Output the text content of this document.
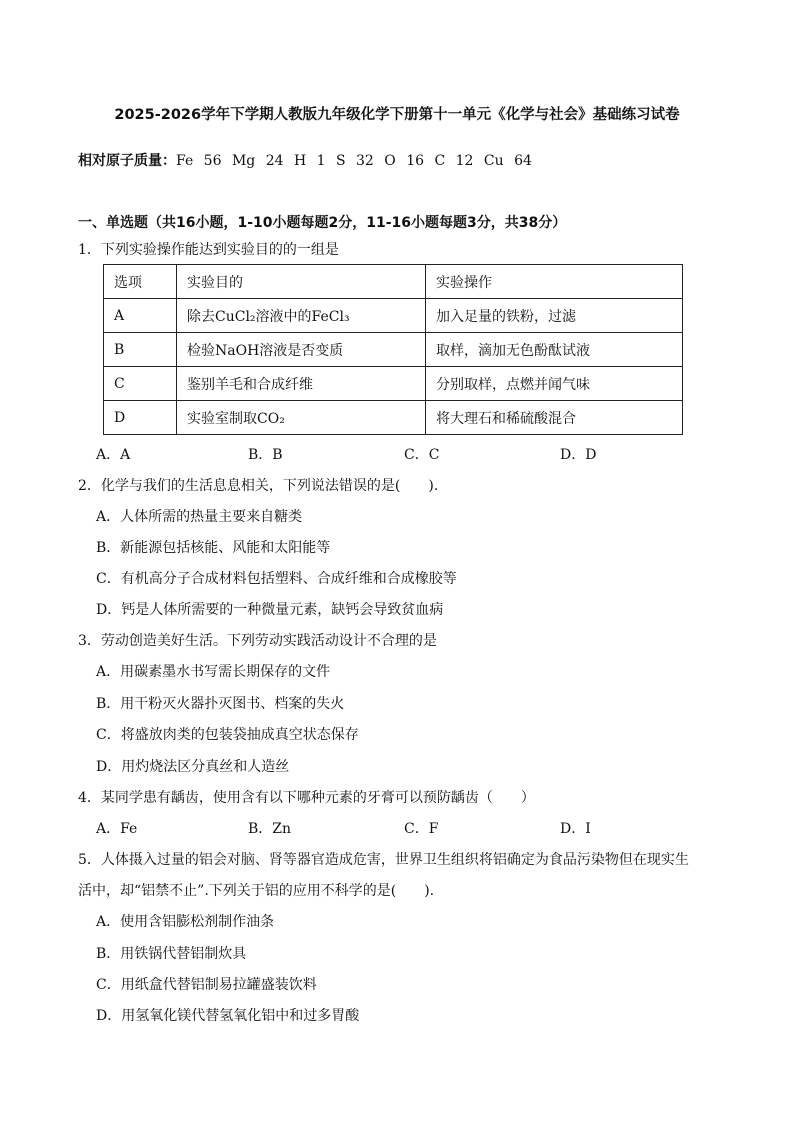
2025-2026学年下学期人教版九年级化学下册第十一单元《化学与社会》基础练习试卷
相对原子质量：Fe 56 Mg 24 H 1 S 32 O 16 C 12 Cu 64
一、单选题（共16小题，1-10小题每题2分，11-16小题每题3分，共38分）
1．下列实验操作能达到实验目的的一组是
选项	实验目的	实验操作
A	除去CuCl₂溶液中的FeCl₃	加入足量的铁粉，过滤
B	检验NaOH溶液是否变质	取样，滴加无色酚酞试液
C	鉴别羊毛和合成纤维	分别取样，点燃并闻气味
D	实验室制取CO₂	将大理石和稀硫酸混合
A．A	B．B	C．C	D．D
2．化学与我们的生活息息相关，下列说法错误的是(　　).
A．人体所需的热量主要来自糖类
B．新能源包括核能、风能和太阳能等
C．有机高分子合成材料包括塑料、合成纤维和合成橡胶等
D．钙是人体所需要的一种微量元素，缺钙会导致贫血病
3．劳动创造美好生活。下列劳动实践活动设计不合理的是
A．用碳素墨水书写需长期保存的文件
B．用干粉灭火器扑灭图书、档案的失火
C．将盛放肉类的包装袋抽成真空状态保存
D．用灼烧法区分真丝和人造丝
4．某同学患有龋齿，使用含有以下哪种元素的牙膏可以预防龋齿（　　）
A．Fe	B．Zn	C．F	D．I
5．人体摄入过量的铝会对脑、肾等器官造成危害，世界卫生组织将铝确定为食品污染物但在现实生
活中，却“铝禁不止”.下列关于铝的应用不科学的是(　　).
A．使用含铝膨松剂制作油条
B．用铁锅代替铝制炊具
C．用纸盒代替铝制易拉罐盛装饮料
D．用氢氧化镁代替氢氧化铝中和过多胃酸
